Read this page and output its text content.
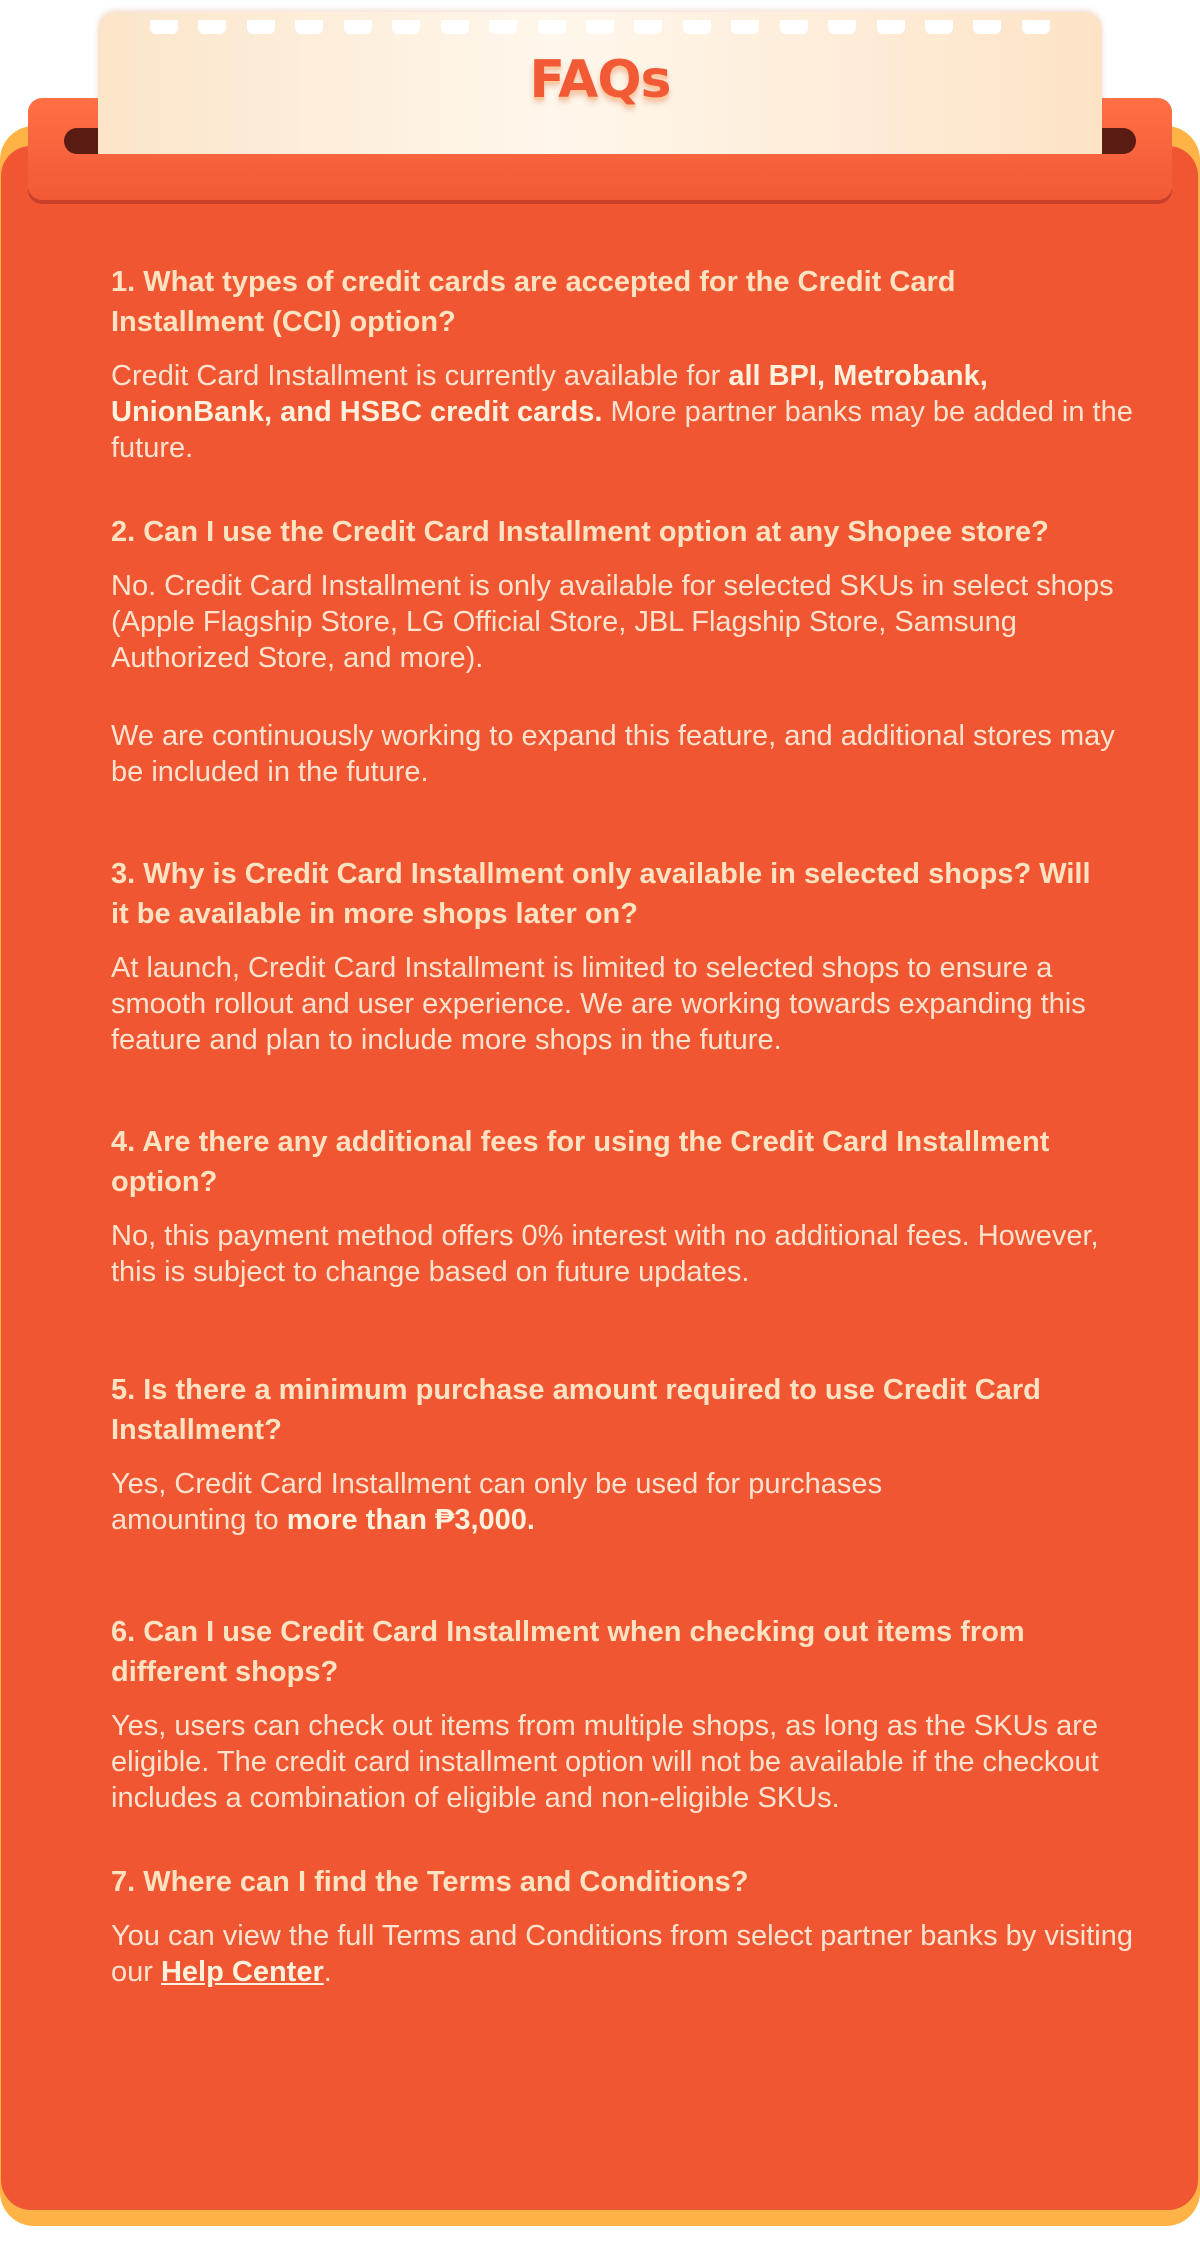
FAQs

1. What types of credit cards are accepted for the Credit Card Installment (CCI) option?

Credit Card Installment is currently available for all BPI, Metrobank, UnionBank, and HSBC credit cards. More partner banks may be added in the future.

2. Can I use the Credit Card Installment option at any Shopee store?

No. Credit Card Installment is only available for selected SKUs in select shops (Apple Flagship Store, LG Official Store, JBL Flagship Store, Samsung Authorized Store, and more).

We are continuously working to expand this feature, and additional stores may be included in the future.

3. Why is Credit Card Installment only available in selected shops? Will it be available in more shops later on?

At launch, Credit Card Installment is limited to selected shops to ensure a smooth rollout and user experience. We are working towards expanding this feature and plan to include more shops in the future.

4. Are there any additional fees for using the Credit Card Installment option?

No, this payment method offers 0% interest with no additional fees. However, this is subject to change based on future updates.

5. Is there a minimum purchase amount required to use Credit Card Installment?

Yes, Credit Card Installment can only be used for purchases amounting to more than ₱3,000.

6. Can I use Credit Card Installment when checking out items from different shops?

Yes, users can check out items from multiple shops, as long as the SKUs are eligible. The credit card installment option will not be available if the checkout includes a combination of eligible and non-eligible SKUs.

7. Where can I find the Terms and Conditions?

You can view the full Terms and Conditions from select partner banks by visiting our Help Center.
